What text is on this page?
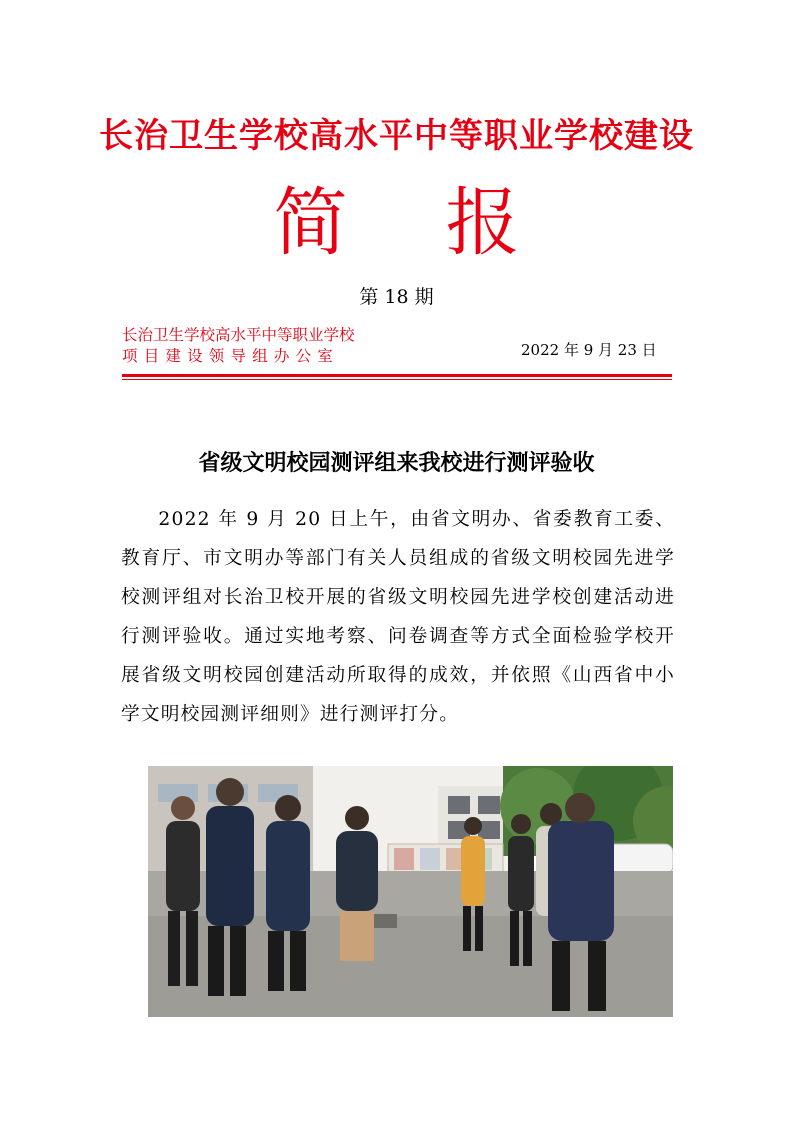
长治卫生学校高水平中等职业学校建设
简 报
第 18 期
长治卫生学校高水平中等职业学校
项目建设领导组办公室	2022 年 9 月 23 日
省级文明校园测评组来我校进行测评验收

2022 年 9 月 20 日上午，由省文明办、省委教育工委、教育厅、市文明办等部门有关人员组成的省级文明校园先进学校测评组对长治卫校开展的省级文明校园先进学校创建活动进行测评验收。通过实地考察、问卷调查等方式全面检验学校开展省级文明校园创建活动所取得的成效，并依照《山西省中小学文明校园测评细则》进行测评打分。
